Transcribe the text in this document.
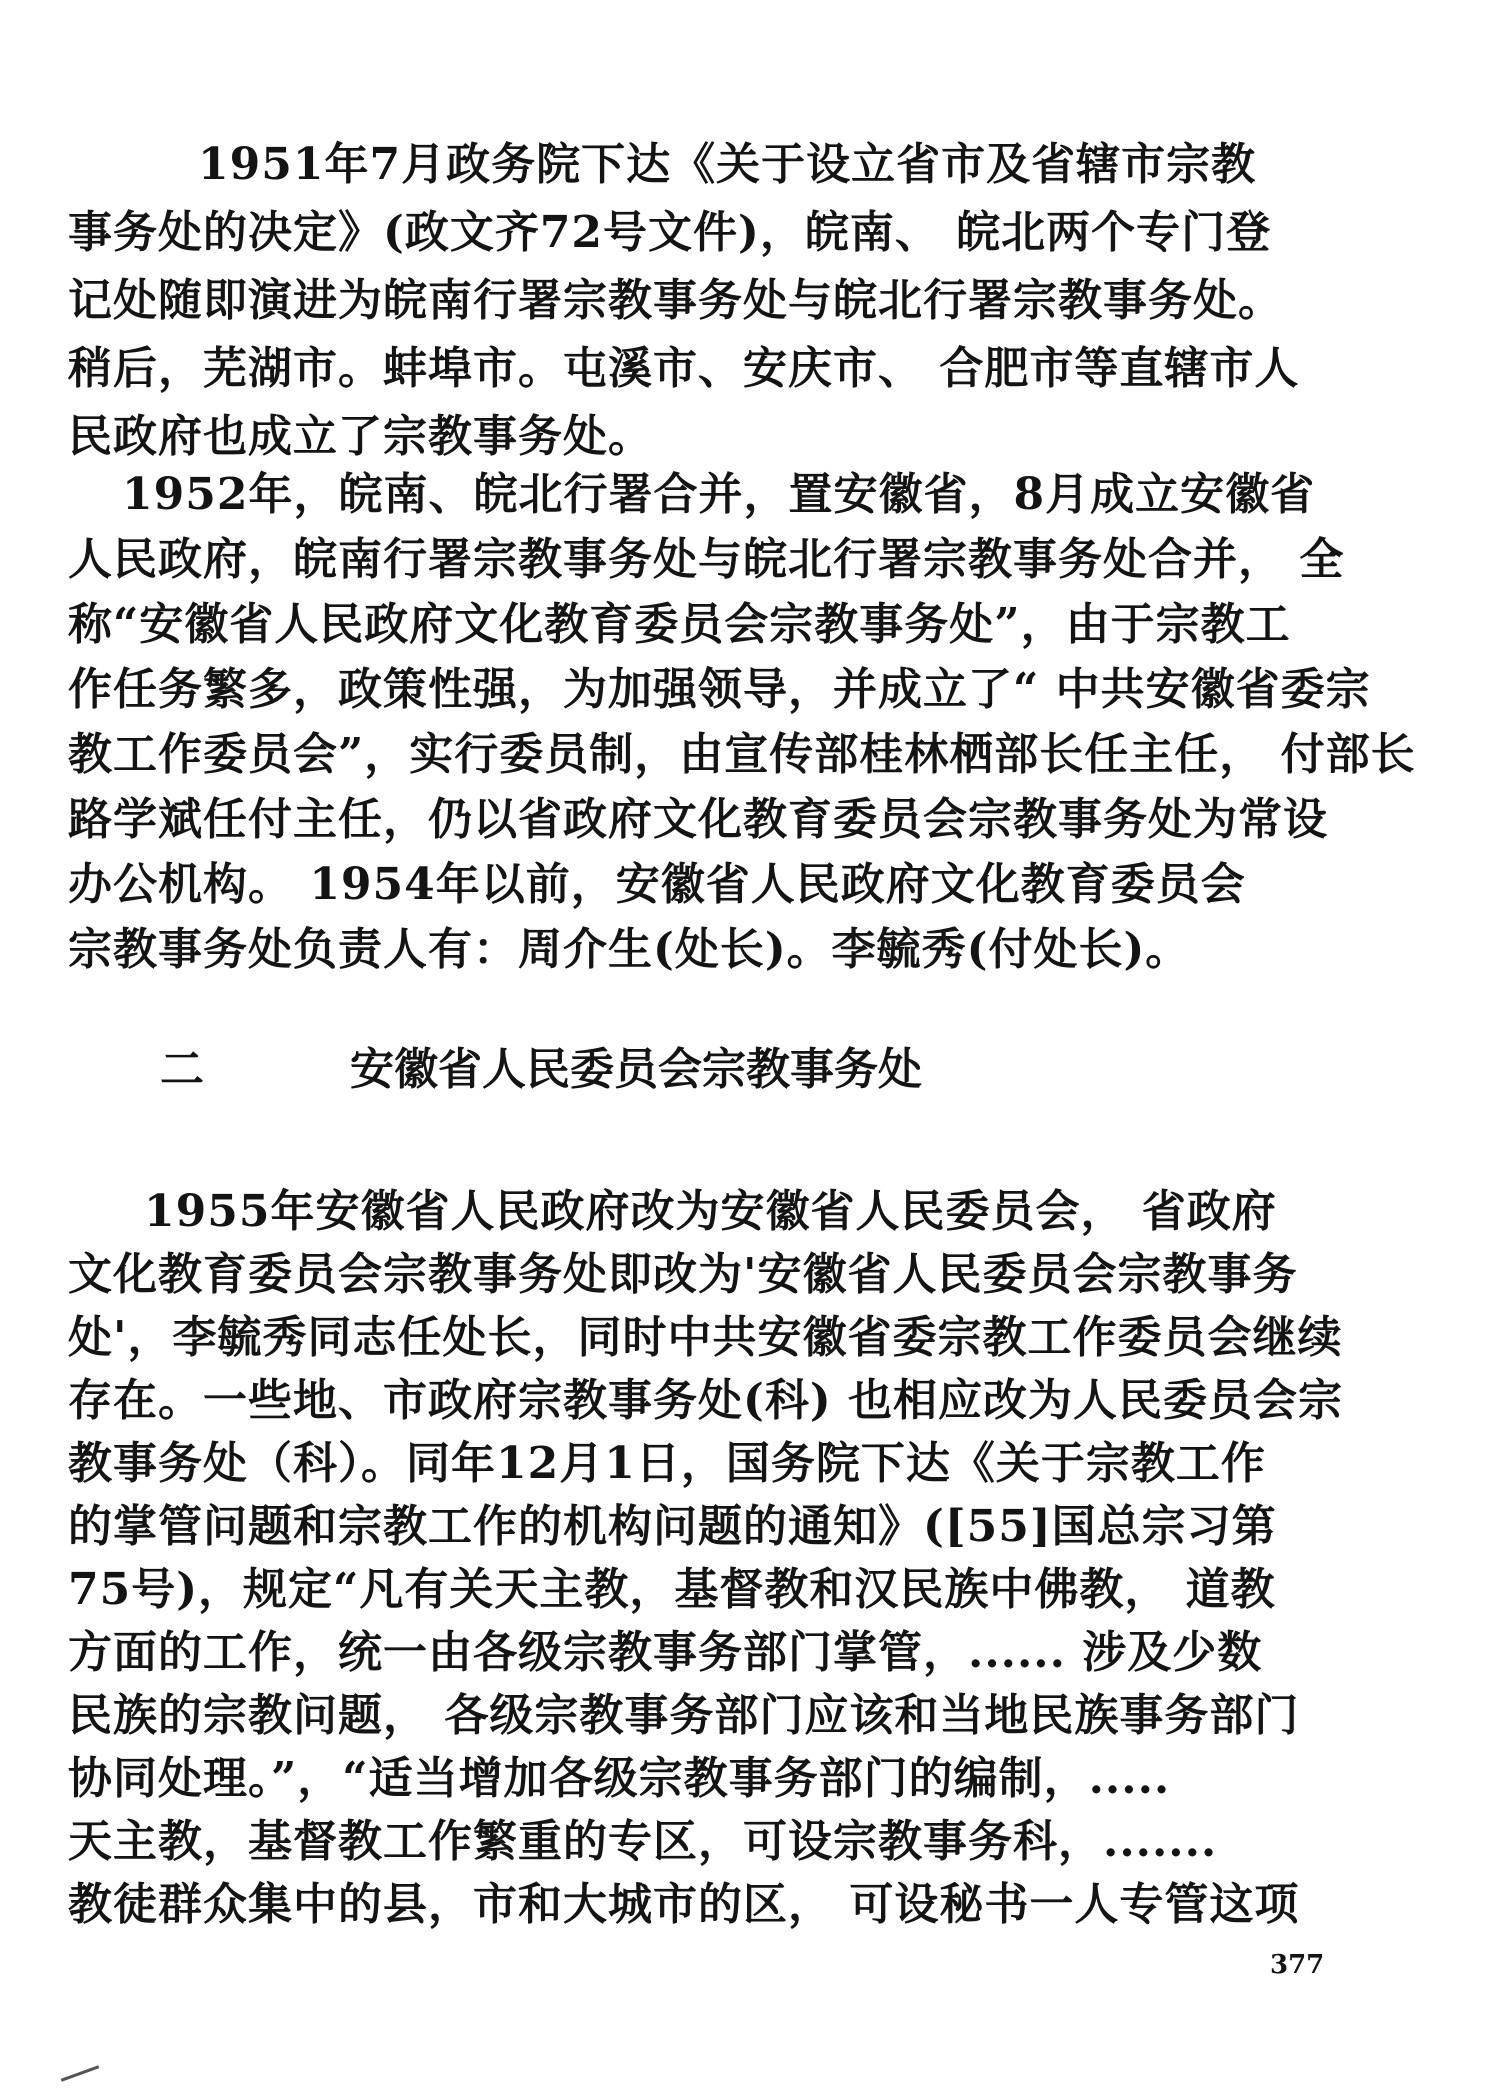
1951年7月政务院下达《关于设立省市及省辖市宗教
事务处的决定》(政文齐72号文件)，皖南、 皖北两个专门登
记处随即演进为皖南行署宗教事务处与皖北行署宗教事务处。
稍后，芜湖市。蚌埠市。屯溪市、安庆市、 合肥市等直辖市人
民政府也成立了宗教事务处。
1952年，皖南、皖北行署合并，置安徽省，8月成立安徽省
人民政府，皖南行署宗教事务处与皖北行署宗教事务处合并， 全
称“安徽省人民政府文化教育委员会宗教事务处”，由于宗教工
作任务繁多，政策性强，为加强领导，并成立了“ 中共安徽省委宗
教工作委员会”，实行委员制，由宣传部桂林栖部长任主任， 付部长
路学斌任付主任，仍以省政府文化教育委员会宗教事务处为常设
办公机构。 1954年以前，安徽省人民政府文化教育委员会
宗教事务处负责人有：周介生(处长)。李毓秀(付处长)。
二	安徽省人民委员会宗教事务处
1955年安徽省人民政府改为安徽省人民委员会， 省政府
文化教育委员会宗教事务处即改为'安徽省人民委员会宗教事务
处'，李毓秀同志任处长，同时中共安徽省委宗教工作委员会继续
存在。一些地、市政府宗教事务处(科) 也相应改为人民委员会宗
教事务处（科）。同年12月1日，国务院下达《关于宗教工作
的掌管问题和宗教工作的机构问题的通知》([55]国总宗习第
75号)，规定“凡有关天主教，基督教和汉民族中佛教， 道教
方面的工作，统一由各级宗教事务部门掌管，...... 涉及少数
民族的宗教问题， 各级宗教事务部门应该和当地民族事务部门
协同处理。”，“适当增加各级宗教事务部门的编制，.....
天主教，基督教工作繁重的专区，可设宗教事务科，.......
教徒群众集中的县，市和大城市的区， 可设秘书一人专管这项
377
